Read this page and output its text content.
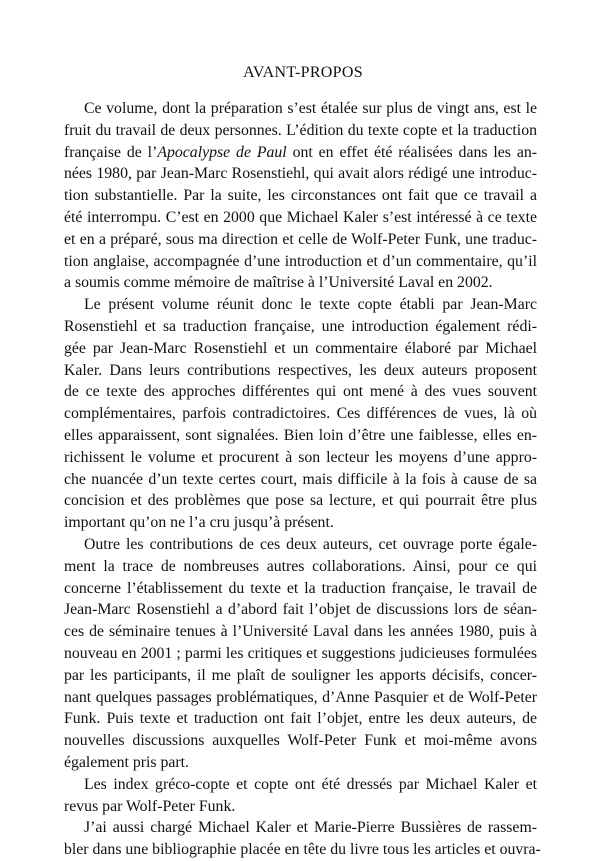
AVANT-PROPOS
Ce volume, dont la préparation s’est étalée sur plus de vingt ans, est le
fruit du travail de deux personnes. L’édition du texte copte et la traduction
française de l’Apocalypse de Paul ont en effet été réalisées dans les an-
nées 1980, par Jean-Marc Rosenstiehl, qui avait alors rédigé une introduc-
tion substantielle. Par la suite, les circonstances ont fait que ce travail a
été interrompu. C’est en 2000 que Michael Kaler s’est intéressé à ce texte
et en a préparé, sous ma direction et celle de Wolf-Peter Funk, une traduc-
tion anglaise, accompagnée d’une introduction et d’un commentaire, qu’il
a soumis comme mémoire de maîtrise à l’Université Laval en 2002.
Le présent volume réunit donc le texte copte établi par Jean-Marc
Rosenstiehl et sa traduction française, une introduction également rédi-
gée par Jean-Marc Rosenstiehl et un commentaire élaboré par Michael
Kaler. Dans leurs contributions respectives, les deux auteurs proposent
de ce texte des approches différentes qui ont mené à des vues souvent
complémentaires, parfois contradictoires. Ces différences de vues, là où
elles apparaissent, sont signalées. Bien loin d’être une faiblesse, elles en-
richissent le volume et procurent à son lecteur les moyens d’une appro-
che nuancée d’un texte certes court, mais difficile à la fois à cause de sa
concision et des problèmes que pose sa lecture, et qui pourrait être plus
important qu’on ne l’a cru jusqu’à présent.
Outre les contributions de ces deux auteurs, cet ouvrage porte égale-
ment la trace de nombreuses autres collaborations. Ainsi, pour ce qui
concerne l’établissement du texte et la traduction française, le travail de
Jean-Marc Rosenstiehl a d’abord fait l’objet de discussions lors de séan-
ces de séminaire tenues à l’Université Laval dans les années 1980, puis à
nouveau en 2001 ; parmi les critiques et suggestions judicieuses formulées
par les participants, il me plaît de souligner les apports décisifs, concer-
nant quelques passages problématiques, d’Anne Pasquier et de Wolf-Peter
Funk. Puis texte et traduction ont fait l’objet, entre les deux auteurs, de
nouvelles discussions auxquelles Wolf-Peter Funk et moi-même avons
également pris part.
Les index gréco-copte et copte ont été dressés par Michael Kaler et
revus par Wolf-Peter Funk.
J’ai aussi chargé Michael Kaler et Marie-Pierre Bussières de rassem-
bler dans une bibliographie placée en tête du livre tous les articles et ouvra-
